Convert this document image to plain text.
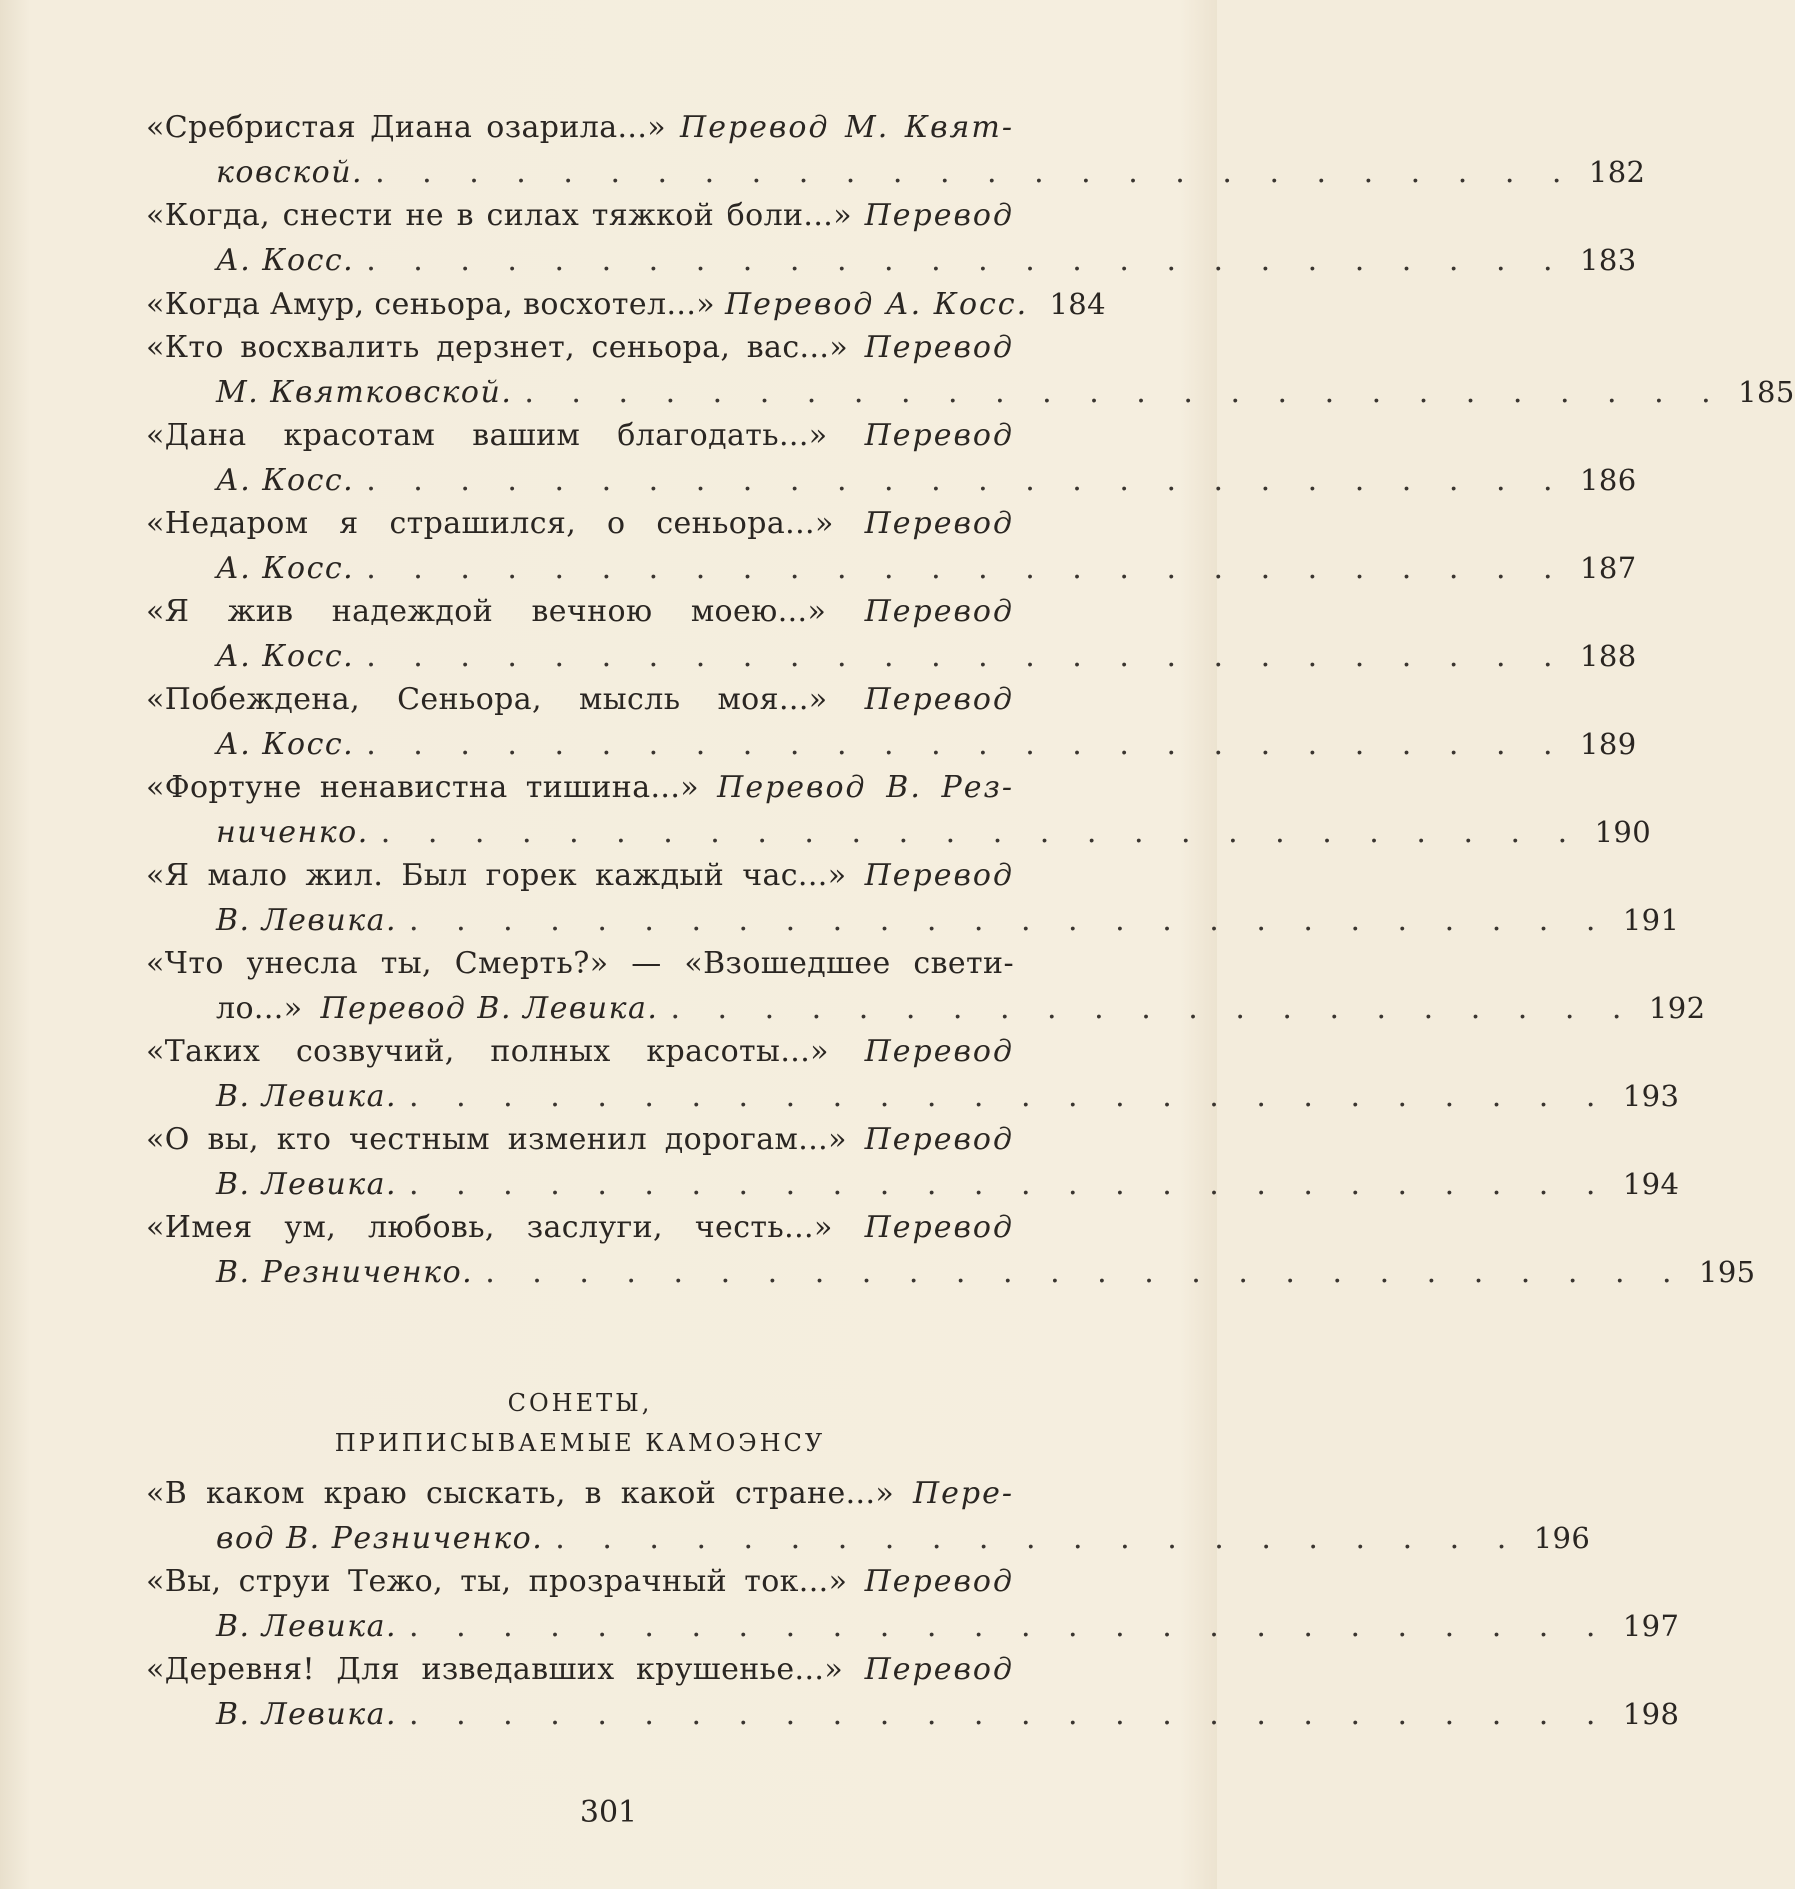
«Сребристая Диана озарила...» Перевод М. Квят-
ковской. . . . . . . . . . . . . . . . . . . . . . . . . . . 182
«Когда, снести не в силах тяжкой боли...» Перевод
А. Косс. . . . . . . . . . . . . . . . . . . . . . . . . . . 183
«Когда Амур, сеньора, восхотел...» Перевод А. Косс. 184
«Кто восхвалить дерзнет, сеньора, вас...» Перевод
М. Квятковской. . . . . . . . . . . . . . . . . . . . . . . . . . . 185
«Дана красотам вашим благодать...» Перевод
А. Косс. . . . . . . . . . . . . . . . . . . . . . . . . . . 186
«Недаром я страшился, о сеньора...» Перевод
А. Косс. . . . . . . . . . . . . . . . . . . . . . . . . . . 187
«Я жив надеждой вечною моею...» Перевод
А. Косс. . . . . . . . . . . . . . . . . . . . . . . . . . . 188
«Побеждена, Сеньора, мысль моя...» Перевод
А. Косс. . . . . . . . . . . . . . . . . . . . . . . . . . . 189
«Фортуне ненавистна тишина...» Перевод В. Рез-
ниченко. . . . . . . . . . . . . . . . . . . . . . . . . . . 190
«Я мало жил. Был горек каждый час...» Перевод
В. Левика. . . . . . . . . . . . . . . . . . . . . . . . . . . 191
«Что унесла ты, Смерть?» — «Взошедшее свети-
ло...» Перевод В. Левика. . . . . . . . . . . . . . . . . . . . . . 192
«Таких созвучий, полных красоты...» Перевод
В. Левика. . . . . . . . . . . . . . . . . . . . . . . . . . . 193
«О вы, кто честным изменил дорогам...» Перевод
В. Левика. . . . . . . . . . . . . . . . . . . . . . . . . . . 194
«Имея ум, любовь, заслуги, честь...» Перевод
В. Резниченко. . . . . . . . . . . . . . . . . . . . . . . . . . . 195
СОНЕТЫ,
ПРИПИСЫВАЕМЫЕ КАМОЭНСУ
«В каком краю сыскать, в какой стране...» Пере-
вод В. Резниченко. . . . . . . . . . . . . . . . . . . . . . 196
«Вы, струи Тежо, ты, прозрачный ток...» Перевод
В. Левика. . . . . . . . . . . . . . . . . . . . . . . . . . . 197
«Деревня! Для изведавших крушенье...» Перевод
В. Левика. . . . . . . . . . . . . . . . . . . . . . . . . . . 198
301
